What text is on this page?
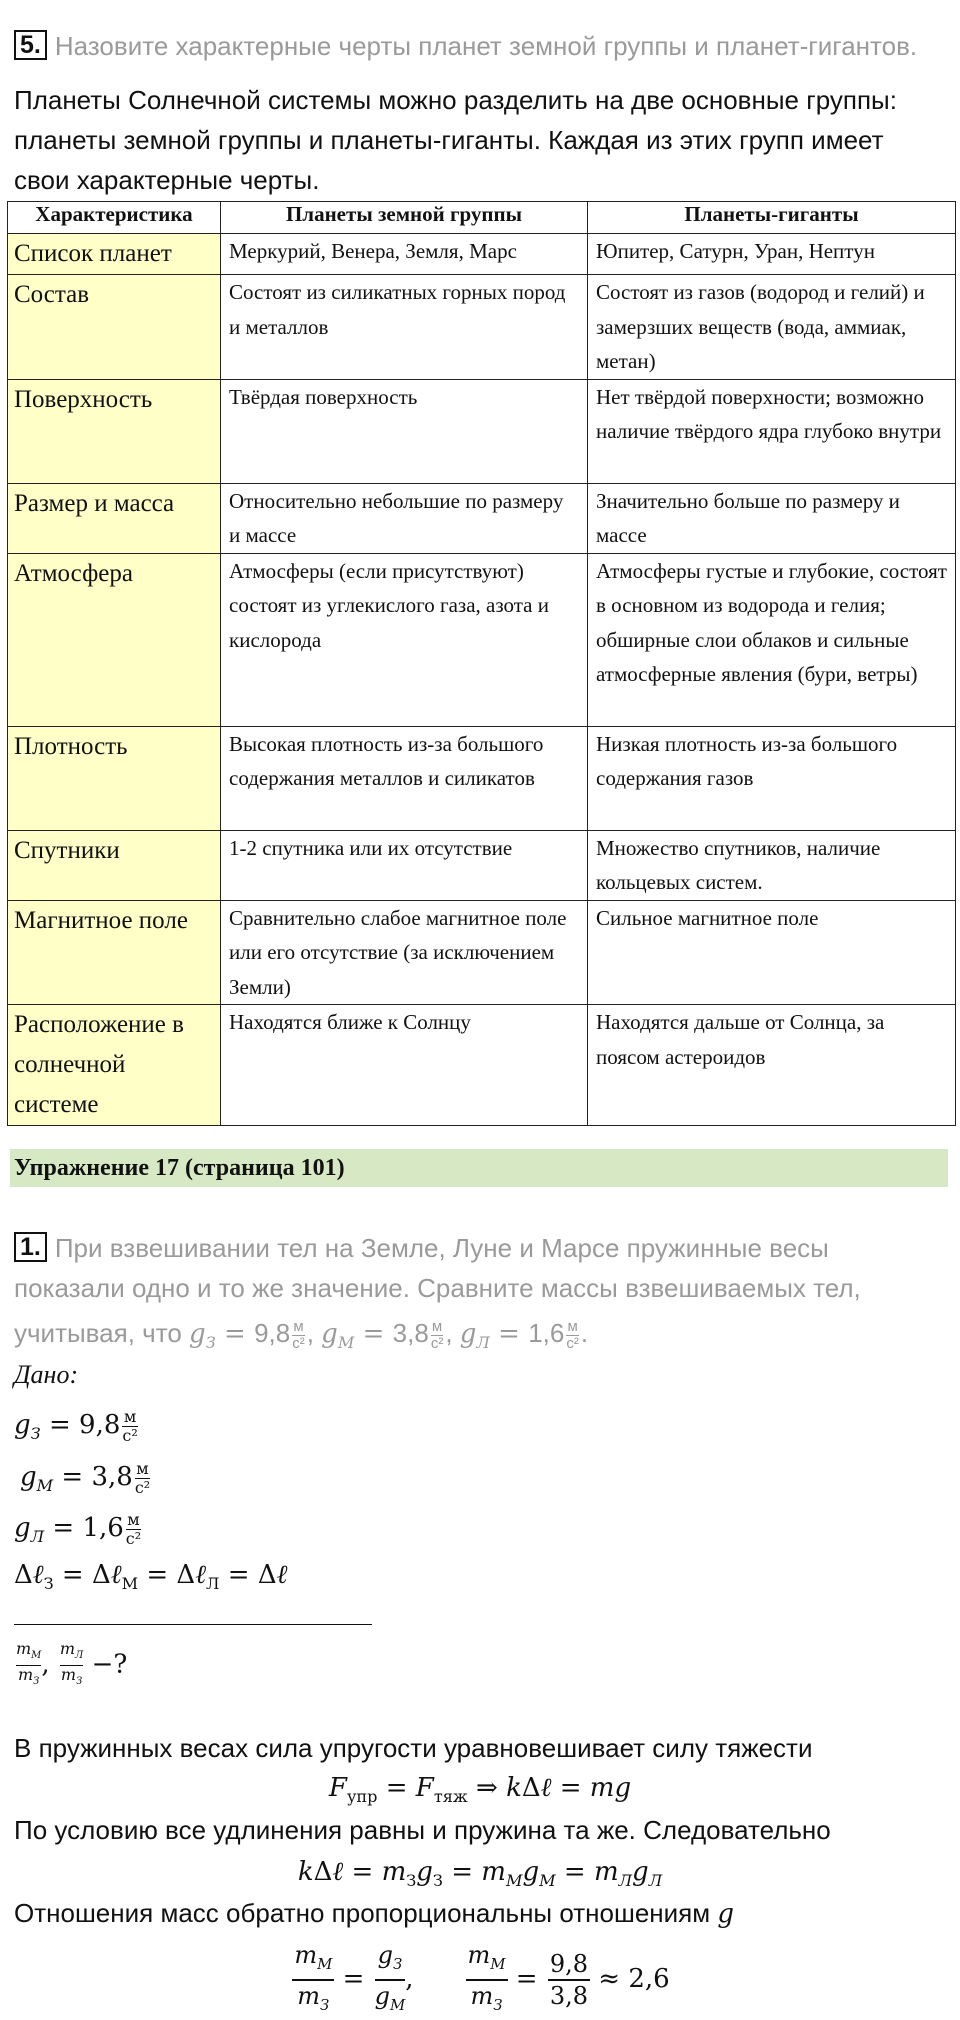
5. Назовите характерные черты планет земной группы и планет-гигантов.
Планеты Солнечной системы можно разделить на две основные группы: планеты земной группы и планеты-гиганты. Каждая из этих групп имеет свои характерные черты.
Характеристика	Планеты земной группы	Планеты-гиганты
Список планет	Меркурий, Венера, Земля, Марс	Юпитер, Сатурн, Уран, Нептун
Состав	Состоят из силикатных горных пород и металлов	Состоят из газов (водород и гелий) и замерзших веществ (вода, аммиак, метан)
Поверхность	Твёрдая поверхность	Нет твёрдой поверхности; возможно наличие твёрдого ядра глубоко внутри
Размер и масса	Относительно небольшие по размеру и массе	Значительно больше по размеру и массе
Атмосфера	Атмосферы (если присутствуют) состоят из углекислого газа, азота и кислорода	Атмосферы густые и глубокие, состоят в основном из водорода и гелия; обширные слои облаков и сильные атмосферные явления (бури, ветры)
Плотность	Высокая плотность из-за большого содержания металлов и силикатов	Низкая плотность из-за большого содержания газов
Спутники	1-2 спутника или их отсутствие	Множество спутников, наличие кольцевых систем.
Магнитное поле	Сравнительно слабое магнитное поле или его отсутствие (за исключением Земли)	Сильное магнитное поле
Расположение в солнечной системе	Находятся ближе к Солнцу	Находятся дальше от Солнца, за поясом астероидов
Упражнение 17 (страница 101)
1. При взвешивании тел на Земле, Луне и Марсе пружинные весы
показали одно и то же значение. Сравните массы взвешиваемых тел,
учитывая, что $g_З = 9,8$ м
с² , $g_М = 3,8$ м
с² , $g_Л = 1,6$ м
с² .
Дано:
$g_З = 9,8 \frac{м}{\text{с²}}$
$g_М = 3,8 \frac{м}{\text{с²}}$
$g_Л = 1,6 \frac{м}{\text{с²}}$
Δℓ$_З$ = Δℓ$_М$ = Δℓ$_Л$ = Δℓ
$\frac{m_М}{m_З}$ , $\frac{m_Л}{m_З}$ −?
В пружинных весах сила упругости уравновешивает силу тяжести
$F_{упр} = F_{тяж}$ ⇒ kΔℓ = mg
По условию все удлинения равны и пружина та же. Следовательно
kΔℓ = $m_Зg_З = m_Mg_M = m_Лg_Л$
Отношения масс обратно пропорциональны отношениям g
$\frac{m_M}{m_З} = \frac{g_З}{g_M}$ , $\frac{m_M}{m_З} = \frac{9,8}{3,8} \approx 2,6$
